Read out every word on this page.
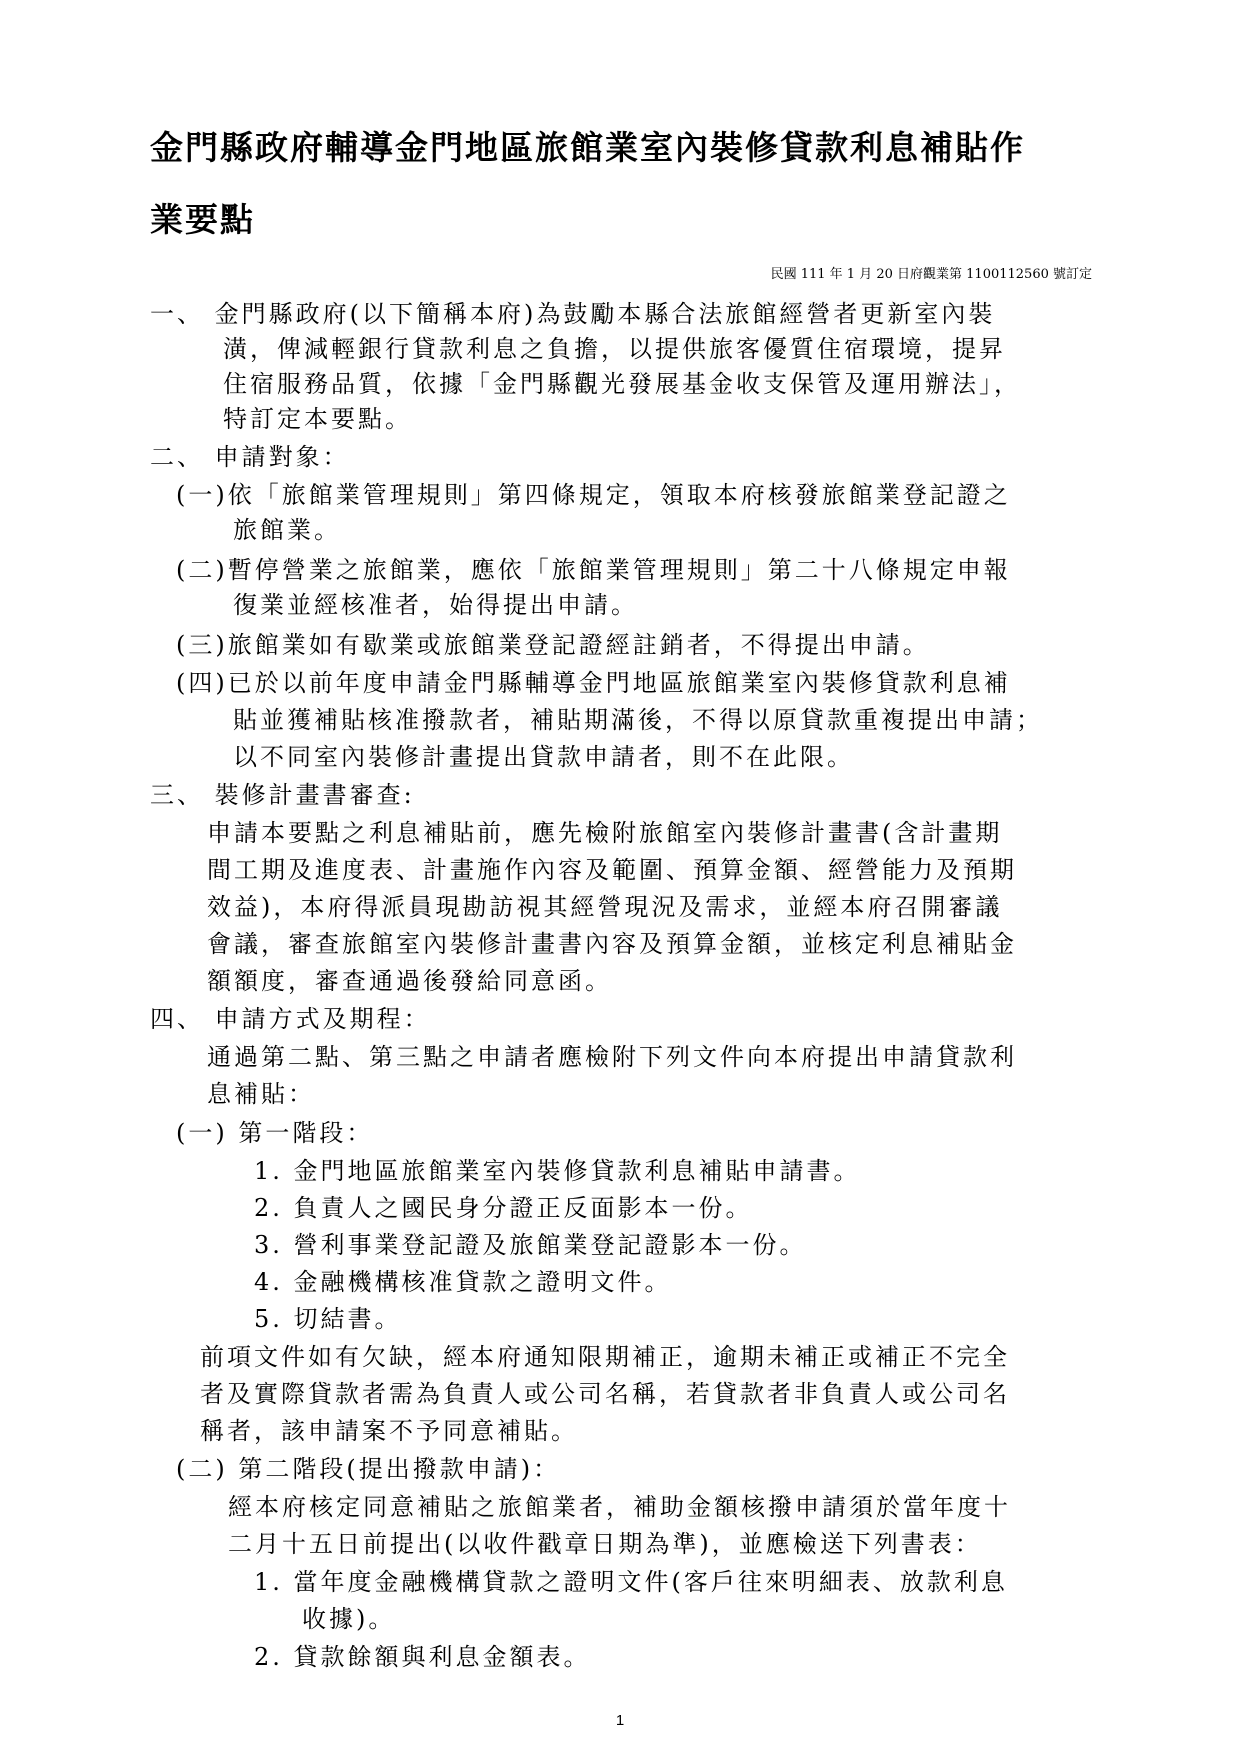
金門縣政府輔導金門地區旅館業室內裝修貸款利息補貼作
業要點
民國 111 年 1 月 20 日府觀業第 1100112560 號訂定
一、 金門縣政府(以下簡稱本府)為鼓勵本縣合法旅館經營者更新室內裝
潢，俾減輕銀行貸款利息之負擔，以提供旅客優質住宿環境，提昇
住宿服務品質，依據「金門縣觀光發展基金收支保管及運用辦法」，
特訂定本要點。
二、 申請對象：
(一)依「旅館業管理規則」第四條規定，領取本府核發旅館業登記證之
旅館業。
(二)暫停營業之旅館業，應依「旅館業管理規則」第二十八條規定申報
復業並經核准者，始得提出申請。
(三)旅館業如有歇業或旅館業登記證經註銷者，不得提出申請。
(四)已於以前年度申請金門縣輔導金門地區旅館業室內裝修貸款利息補
貼並獲補貼核准撥款者，補貼期滿後，不得以原貸款重複提出申請；
以不同室內裝修計畫提出貸款申請者，則不在此限。
三、 裝修計畫書審查:
申請本要點之利息補貼前，應先檢附旅館室內裝修計畫書(含計畫期
間工期及進度表、計畫施作內容及範圍、預算金額、經營能力及預期
效益)，本府得派員現勘訪視其經營現況及需求，並經本府召開審議
會議，審查旅館室內裝修計畫書內容及預算金額，並核定利息補貼金
額額度，審查通過後發給同意函。
四、 申請方式及期程：
通過第二點、第三點之申請者應檢附下列文件向本府提出申請貸款利
息補貼：
(一) 第一階段：
1. 金門地區旅館業室內裝修貸款利息補貼申請書。
2. 負責人之國民身分證正反面影本一份。
3. 營利事業登記證及旅館業登記證影本一份。
4. 金融機構核准貸款之證明文件。
5. 切結書。
前項文件如有欠缺，經本府通知限期補正，逾期未補正或補正不完全
者及實際貸款者需為負責人或公司名稱，若貸款者非負責人或公司名
稱者，該申請案不予同意補貼。
(二) 第二階段(提出撥款申請)：
經本府核定同意補貼之旅館業者，補助金額核撥申請須於當年度十
二月十五日前提出(以收件戳章日期為準)，並應檢送下列書表：
1. 當年度金融機構貸款之證明文件(客戶往來明細表、放款利息
收據)。
2. 貸款餘額與利息金額表。
1
